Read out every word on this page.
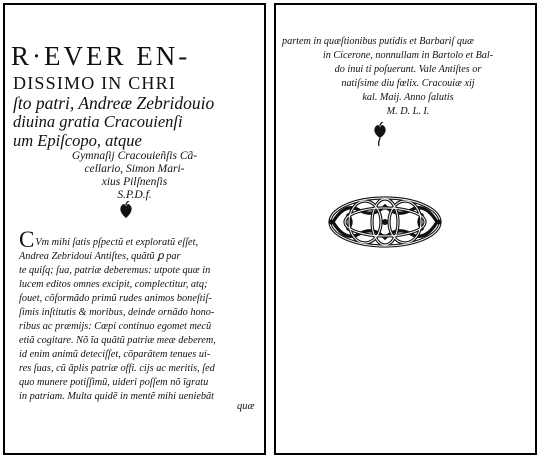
R·EVER EN-

DISSIMO IN CHRI

ſto patri, Andreæ Zebridouio

diuina gratia Cracouienſi

um Epiſcopo, atque

Gymnaſij Cracouieñſis Cã-

cellario, Simon Mari-

xius Pilſnenſis

S.P.D.f.

CVm mihi ſatis pſpectũ et exploratũ eſſet,
Andrea Zebridoui Antiſtes, quãtũ ꝑ par
te quiſq; ſua, patriæ deberemus: utpote quæ in
lucem editos omnes excipit, complectitur, atq;
fouet, cõformãdo primũ rudes animos boneſtiſ-
ſimis inſtitutis & moribus, deinde ornãdo hono-
ribus ac præmijs: Cœpi continuo egomet mecũ
etiã cogitare. Nõ ĩa quãtũ patriæ meæ deberem,
id enim animũ deteciſſet, cõparãtem tenues ui-
res ſuas, cũ ãplis patriæ offi. cijs ac meritis, ſed
quo munere potiſſimũ, uideri poſſem nõ ĩgratu
in patriam. Multa quidẽ in mentẽ mihi ueniebãt

quæ

partem in quæſtionibus putidis et Barbariſ quæ
in Cicerone, nonnullam in Bartolo et Bal-
do inui ti poſuerunt. Vale Antiſtes or
natiſsime diu fœlix. Cracouiæ xij
kal. Maij. Anno ſalutis
M. D. L. I.
